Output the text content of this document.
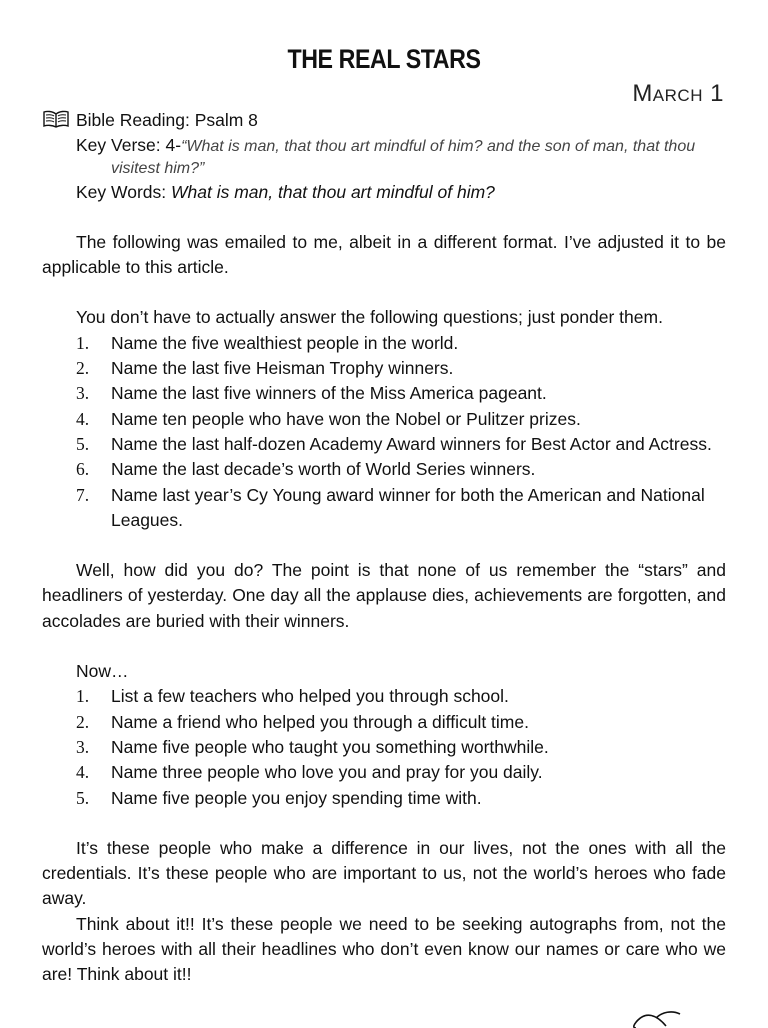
THE REAL STARS
March 1
Bible Reading: Psalm 8
Key Verse: 4-“What is man, that thou art mindful of him? and the son of man, that thou
visitest him?”
Key Words: What is man, that thou art mindful of him?

The following was emailed to me, albeit in a different format. I’ve adjusted it to be applicable to this article.

You don’t have to actually answer the following questions; just ponder them.

1.	Name the five wealthiest people in the world.
2.	Name the last five Heisman Trophy winners.
3.	Name the last five winners of the Miss America pageant.
4.	Name ten people who have won the Nobel or Pulitzer prizes.
5.	Name the last half-dozen Academy Award winners for Best Actor and Actress.
6.	Name the last decade’s worth of World Series winners.
7.	Name last year’s Cy Young award winner for both the American and National Leagues.

Well, how did you do? The point is that none of us remember the “stars” and headliners of yesterday. One day all the applause dies, achievements are forgotten, and accolades are buried with their winners.

Now…

1.	List a few teachers who helped you through school.
2.	Name a friend who helped you through a difficult time.
3.	Name five people who taught you something worthwhile.
4.	Name three people who love you and pray for you daily.
5.	Name five people you enjoy spending time with.

It’s these people who make a difference in our lives, not the ones with all the credentials. It’s these people who are important to us, not the world’s heroes who fade away.

Think about it!! It’s these people we need to be seeking autographs from, not the world’s heroes with all their headlines who don’t even know our names or care who we are! Think about it!!
